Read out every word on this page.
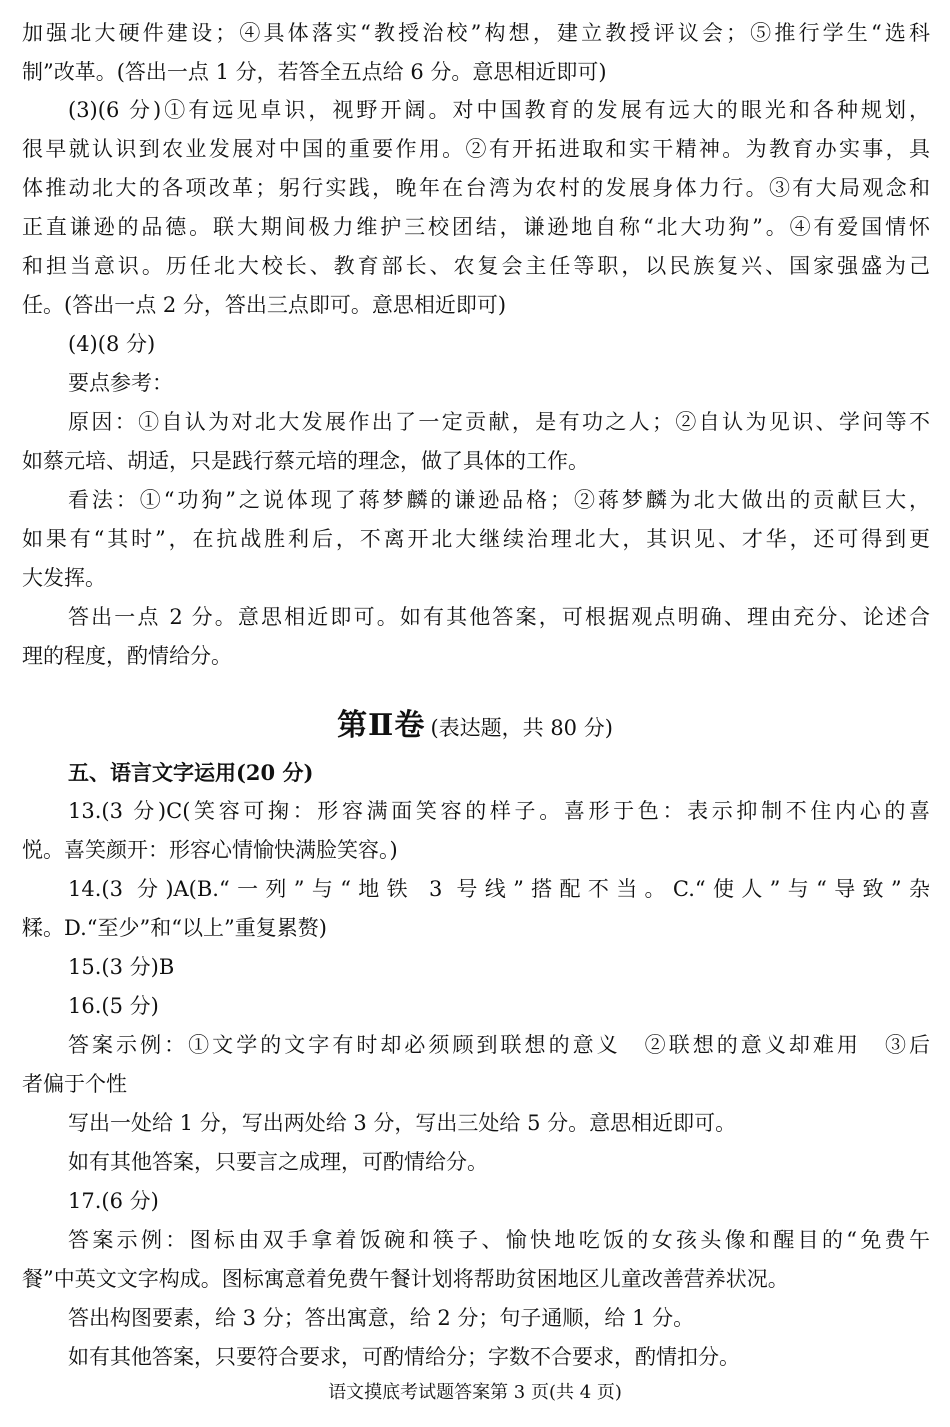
加强北大硬件建设；④具体落实“教授治校”构想，建立教授评议会；⑤推行学生“选科
制”改革。(答出一点 1 分，若答全五点给 6 分。意思相近即可)
(3)(6 分)①有远见卓识，视野开阔。对中国教育的发展有远大的眼光和各种规划，
很早就认识到农业发展对中国的重要作用。②有开拓进取和实干精神。为教育办实事，具
体推动北大的各项改革；躬行实践，晚年在台湾为农村的发展身体力行。③有大局观念和
正直谦逊的品德。联大期间极力维护三校团结，谦逊地自称“北大功狗”。④有爱国情怀
和担当意识。历任北大校长、教育部长、农复会主任等职，以民族复兴、国家强盛为己
任。(答出一点 2 分，答出三点即可。意思相近即可)
(4)(8 分)
要点参考：
原因：①自认为对北大发展作出了一定贡献，是有功之人；②自认为见识、学问等不
如蔡元培、胡适，只是践行蔡元培的理念，做了具体的工作。
看法：①“功狗”之说体现了蒋梦麟的谦逊品格；②蒋梦麟为北大做出的贡献巨大，
如果有“其时”，在抗战胜利后，不离开北大继续治理北大，其识见、才华，还可得到更
大发挥。
答出一点 2 分。意思相近即可。如有其他答案，可根据观点明确、理由充分、论述合
理的程度，酌情给分。
第Ⅱ卷 (表达题，共 80 分)
五、语言文字运用(20 分)
13.(3 分)C(笑容可掬：形容满面笑容的样子。喜形于色：表示抑制不住内心的喜
悦。喜笑颜开：形容心情愉快满脸笑容。)
14.(3 分)A(B.“一列”与“地铁 3 号线”搭配不当。C.“使人”与“导致”杂
糅。D.“至少”和“以上”重复累赘)
15.(3 分)B
16.(5 分)
答案示例：①文学的文字有时却必须顾到联想的意义　②联想的意义却难用　③后
者偏于个性
写出一处给 1 分，写出两处给 3 分，写出三处给 5 分。意思相近即可。
如有其他答案，只要言之成理，可酌情给分。
17.(6 分)
答案示例：图标由双手拿着饭碗和筷子、愉快地吃饭的女孩头像和醒目的“免费午
餐”中英文文字构成。图标寓意着免费午餐计划将帮助贫困地区儿童改善营养状况。
答出构图要素，给 3 分；答出寓意，给 2 分；句子通顺，给 1 分。
如有其他答案，只要符合要求，可酌情给分；字数不合要求，酌情扣分。
语文摸底考试题答案第 3 页(共 4 页)
